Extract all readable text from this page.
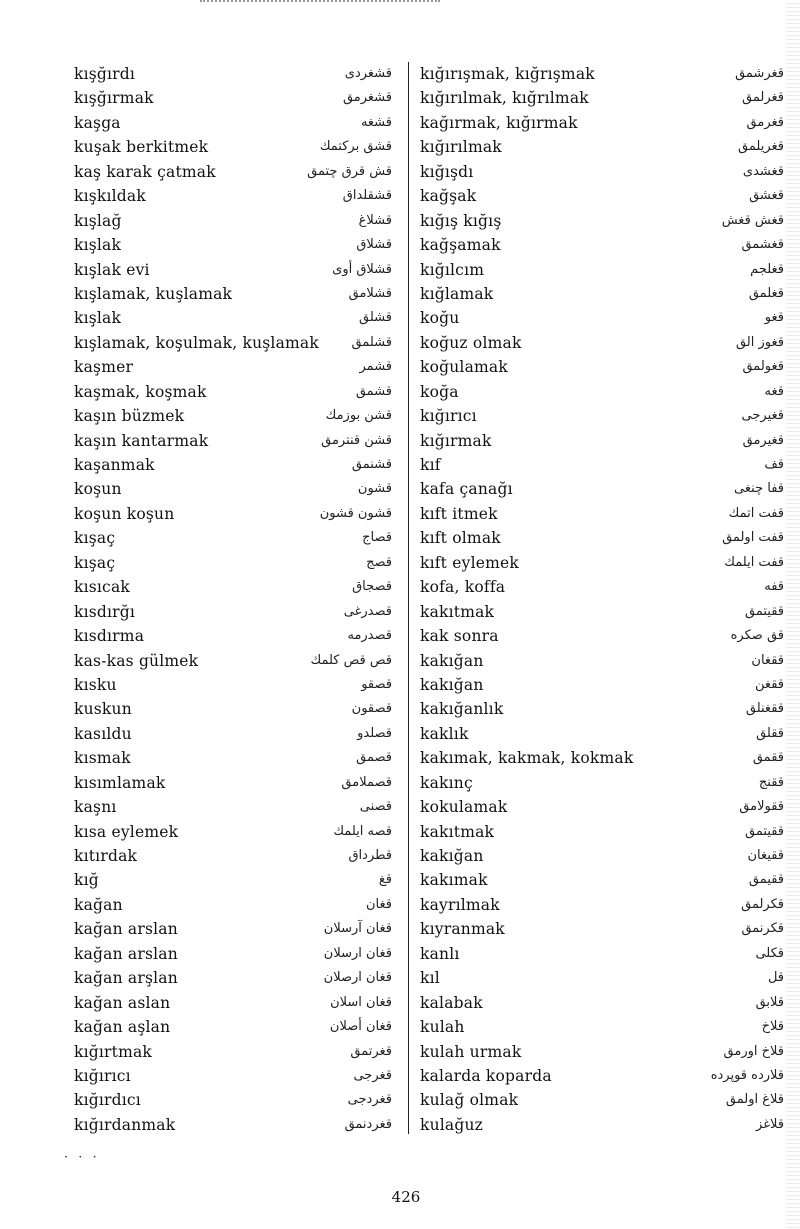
kışğırdı	قشغردی
kışğırmak	قشغرمق
kaşga	قشغه
kuşak berkitmek	قشق برکتمك
kaş karak çatmak	قش قرق چتمق
kışkıldak	قشقلداق
kışlağ	قشلاغ
kışlak	قشلاق
kışlak evi	قشلاق أوی
kışlamak, kuşlamak	قشلامق
kışlak	قشلق
kışlamak, koşulmak, kuşlamak	قشلمق
kaşmer	قشمر
kaşmak, koşmak	قشمق
kaşın büzmek	قشن بوزمك
kaşın kantarmak	قشن قنترمق
kaşanmak	قشنمق
koşun	قشون
koşun koşun	قشون قشون
kışaç	قصاج
kışaç	قصج
kısıcak	قصجاق
kısdırğı	قصدرغی
kısdırma	قصدرمه
kas-kas gülmek	قص قص كلمك
kısku	قصقو
kuskun	قصقون
kasıldu	قصلدو
kısmak	قصمق
kısımlamak	قصملامق
kaşnı	قصنی
kısa eylemek	قصه ایلمك
kıtırdak	قطرداق
kığ	قغ
kağan	قغان
kağan arslan	قغان آرسلان
kağan arslan	قغان ارسلان
kağan arşlan	قغان ارصلان
kağan aslan	قغان اسلان
kağan aşlan	قغان أصلان
kığırtmak	قغرتمق
kığırıcı	قغرجی
kığırdıcı	قغردجی
kığırdanmak	قغردنمق
kığırışmak, kığrışmak	قغرشمق
kığırılmak, kığrılmak	قغرلمق
kağırmak, kığırmak	قغرمق
kığırılmak	قغریلمق
kığışdı	قغشدی
kağşak	قغشق
kığış kığış	قغش قغش
kağşamak	قغشمق
kığılcım	قغلجم
kığlamak	قغلمق
koğu	قغو
koğuz olmak	قغوز الق
koğulamak	قغولمق
koğa	قغه
kığırıcı	قغیرجی
kığırmak	قغیرمق
kıf	قف
kafa çanağı	قفا چنغی
kıft itmek	قفت اتمك
kıft olmak	قفت اولمق
kıft eylemek	قفت ایلمك
kofa, koffa	قفه
kakıtmak	ققیتمق
kak sonra	قق صکره
kakığan	ققغان
kakığan	ققغن
kakığanlık	ققغنلق
kaklık	ققلق
kakımak, kakmak, kokmak	ققمق
kakınç	ققنج
kokulamak	ققولامق
kakıtmak	ققیتمق
kakığan	ققیغان
kakımak	ققیمق
kayrılmak	قکرلمق
kıyranmak	قکرنمق
kanlı	قکلی
kıl	قل
kalabak	قلابق
kulah	قلاخ
kulah urmak	قلاخ اورمق
kalarda koparda	قلارده قوپرده
kulağ olmak	قلاغ اولمق
kulağuz	قلاغز
· · ·
426
